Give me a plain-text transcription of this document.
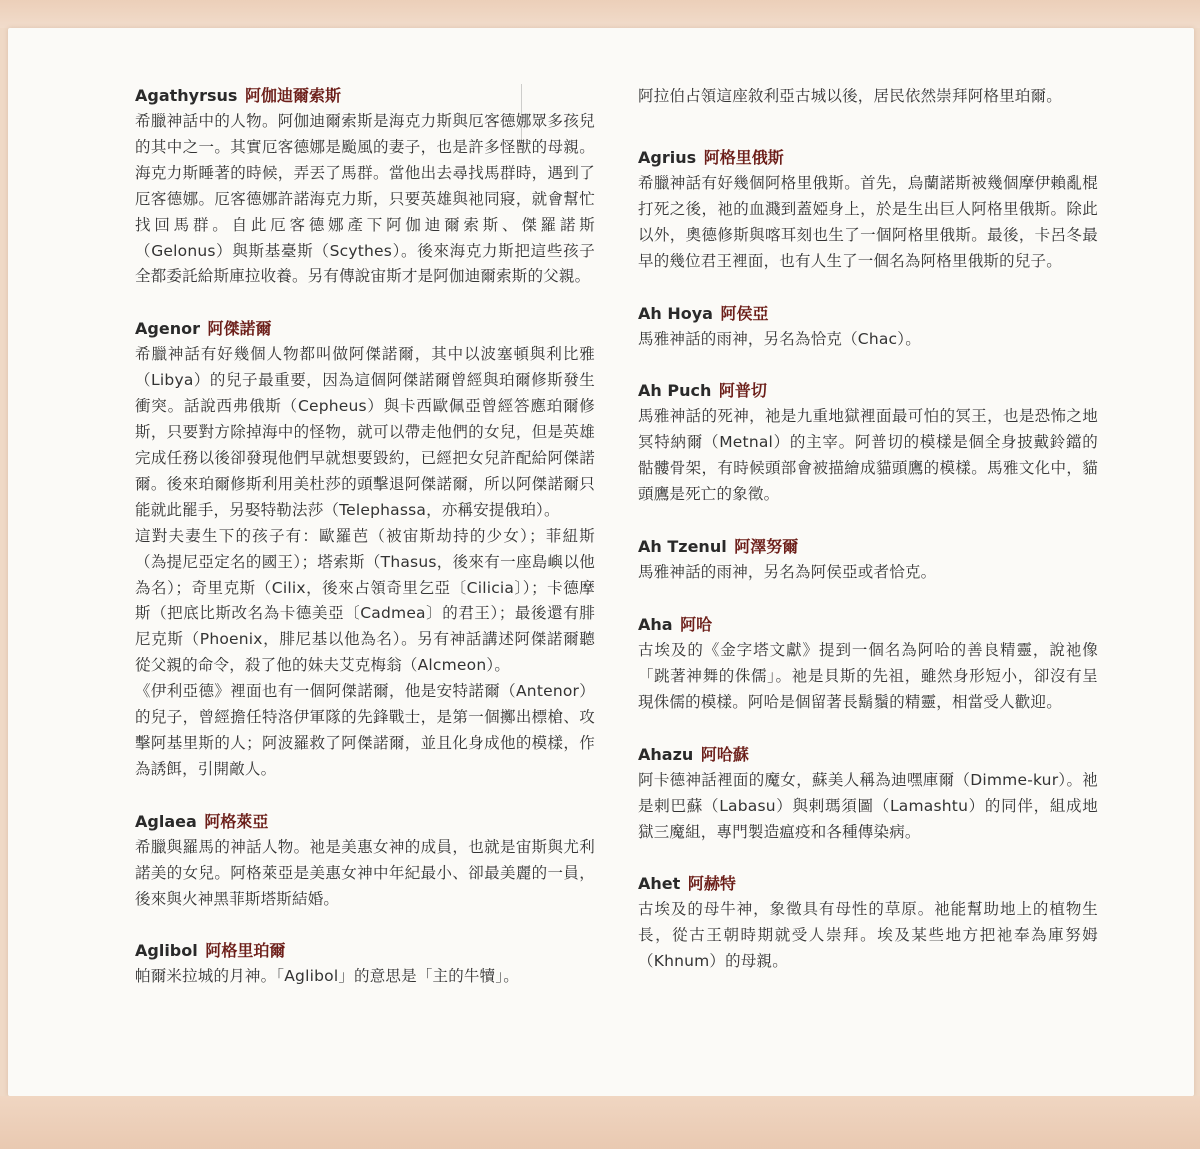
Agathyrsus 阿伽迪爾索斯

希臘神話中的人物。阿伽迪爾索斯是海克力斯與厄客德娜眾多孩兒的其中之一。其實厄客德娜是颱風的妻子，也是許多怪獸的母親。海克力斯睡著的時候，弄丟了馬群。當他出去尋找馬群時，遇到了厄客德娜。厄客德娜許諾海克力斯，只要英雄與祂同寢，就會幫忙找回馬群。自此厄客德娜產下阿伽迪爾索斯、傑羅諾斯（Gelonus）與斯基臺斯（Scythes）。後來海克力斯把這些孩子全都委託給斯庫拉收養。另有傳說宙斯才是阿伽迪爾索斯的父親。

Agenor 阿傑諾爾

希臘神話有好幾個人物都叫做阿傑諾爾，其中以波塞頓與利比雅（Libya）的兒子最重要，因為這個阿傑諾爾曾經與珀爾修斯發生衝突。話說西弗俄斯（Cepheus）與卡西歐佩亞曾經答應珀爾修斯，只要對方除掉海中的怪物，就可以帶走他們的女兒，但是英雄完成任務以後卻發現他們早就想要毀約，已經把女兒許配給阿傑諾爾。後來珀爾修斯利用美杜莎的頭擊退阿傑諾爾，所以阿傑諾爾只能就此罷手，另娶特勒法莎（Telephassa，亦稱安提俄珀）。

這對夫妻生下的孩子有：歐羅芭（被宙斯劫持的少女）；菲紐斯（為提尼亞定名的國王）；塔索斯（Thasus，後來有一座島嶼以他為名）；奇里克斯（Cilix，後來占領奇里乞亞〔Cilicia〕）；卡德摩斯（把底比斯改名為卡德美亞〔Cadmea〕的君王）；最後還有腓尼克斯（Phoenix，腓尼基以他為名）。另有神話講述阿傑諾爾聽從父親的命令，殺了他的妹夫艾克梅翁（Alcmeon）。

《伊利亞德》裡面也有一個阿傑諾爾，他是安特諾爾（Antenor）的兒子，曾經擔任特洛伊軍隊的先鋒戰士，是第一個擲出標槍、攻擊阿基里斯的人；阿波羅救了阿傑諾爾，並且化身成他的模樣，作為誘餌，引開敵人。

Aglaea 阿格萊亞

希臘與羅馬的神話人物。祂是美惠女神的成員，也就是宙斯與尤利諾美的女兒。阿格萊亞是美惠女神中年紀最小、卻最美麗的一員，後來與火神黑菲斯塔斯結婚。

Aglibol 阿格里珀爾

帕爾米拉城的月神。「Aglibol」的意思是「主的牛犢」。

阿拉伯占領這座敘利亞古城以後，居民依然崇拜阿格里珀爾。

Agrius 阿格里俄斯

希臘神話有好幾個阿格里俄斯。首先，烏蘭諾斯被幾個摩伊賴亂棍打死之後，祂的血濺到蓋婭身上，於是生出巨人阿格里俄斯。除此以外，奧德修斯與喀耳刻也生了一個阿格里俄斯。最後，卡呂冬最早的幾位君王裡面，也有人生了一個名為阿格里俄斯的兒子。

Ah Hoya 阿侯亞

馬雅神話的雨神，另名為恰克（Chac）。

Ah Puch 阿普切

馬雅神話的死神，祂是九重地獄裡面最可怕的冥王，也是恐怖之地冥特納爾（Metnal）的主宰。阿普切的模樣是個全身披戴鈴鐺的骷髏骨架，有時候頭部會被描繪成貓頭鷹的模樣。馬雅文化中，貓頭鷹是死亡的象徵。

Ah Tzenul 阿澤努爾

馬雅神話的雨神，另名為阿侯亞或者恰克。

Aha 阿哈

古埃及的《金字塔文獻》提到一個名為阿哈的善良精靈，說祂像「跳著神舞的侏儒」。祂是貝斯的先祖，雖然身形短小，卻沒有呈現侏儒的模樣。阿哈是個留著長鬍鬚的精靈，相當受人歡迎。

Ahazu 阿哈蘇

阿卡德神話裡面的魔女，蘇美人稱為迪嘿庫爾（Dimme-kur）。祂是剌巴蘇（Labasu）與剌瑪須圖（Lamashtu）的同伴，組成地獄三魔組，專門製造瘟疫和各種傳染病。

Ahet 阿赫特

古埃及的母牛神，象徵具有母性的草原。祂能幫助地上的植物生長，從古王朝時期就受人崇拜。埃及某些地方把祂奉為庫努姆（Khnum）的母親。
